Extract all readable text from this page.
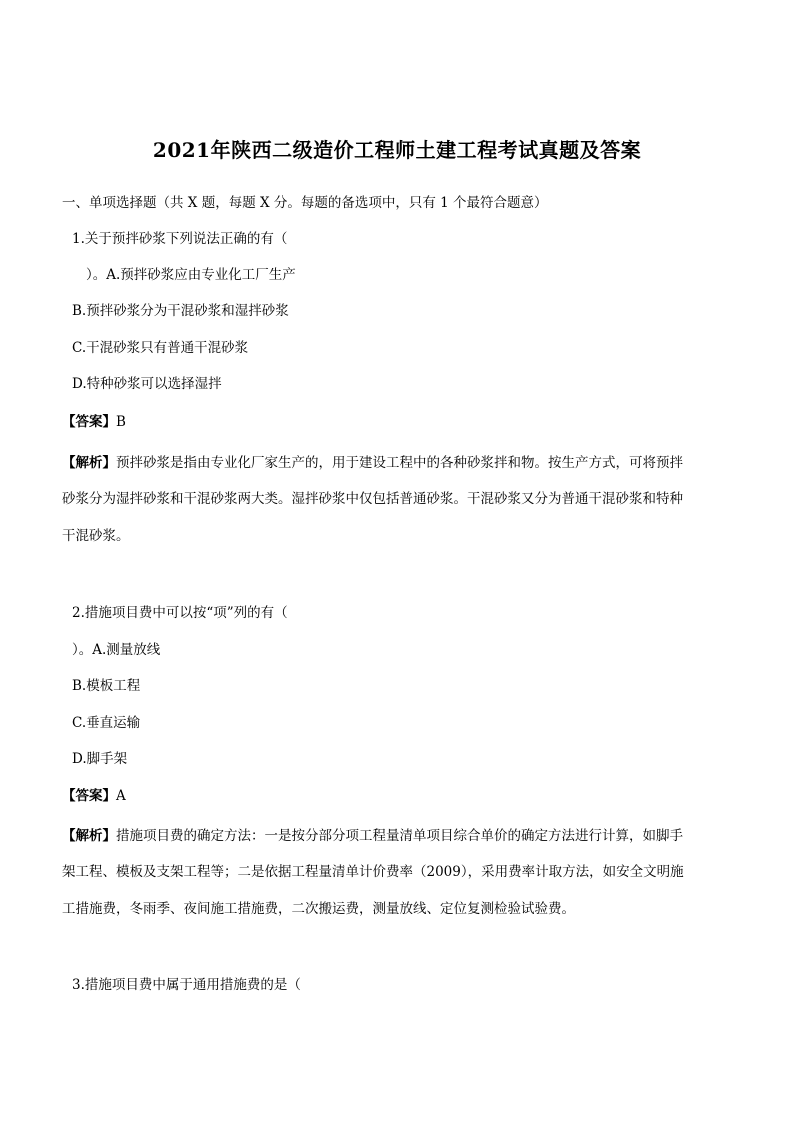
2021年陕西二级造价工程师土建工程考试真题及答案
一、单项选择题（共 X 题，每题 X 分。每题的备选项中，只有 1 个最符合题意）
1.关于预拌砂浆下列说法正确的有（
）。A.预拌砂浆应由专业化工厂生产
B.预拌砂浆分为干混砂浆和湿拌砂浆
C.干混砂浆只有普通干混砂浆
D.特种砂浆可以选择湿拌
【答案】B
【解析】预拌砂浆是指由专业化厂家生产的，用于建设工程中的各种砂浆拌和物。按生产方式，可将预拌
砂浆分为湿拌砂浆和干混砂浆两大类。湿拌砂浆中仅包括普通砂浆。干混砂浆又分为普通干混砂浆和特种
干混砂浆。
2.措施项目费中可以按“项”列的有（
）。A.测量放线
B.模板工程
C.垂直运输
D.脚手架
【答案】A
【解析】措施项目费的确定方法：一是按分部分项工程量清单项目综合单价的确定方法进行计算，如脚手
架工程、模板及支架工程等；二是依据工程量清单计价费率（2009），采用费率计取方法，如安全文明施
工措施费，冬雨季、夜间施工措施费，二次搬运费，测量放线、定位复测检验试验费。
3.措施项目费中属于通用措施费的是（
